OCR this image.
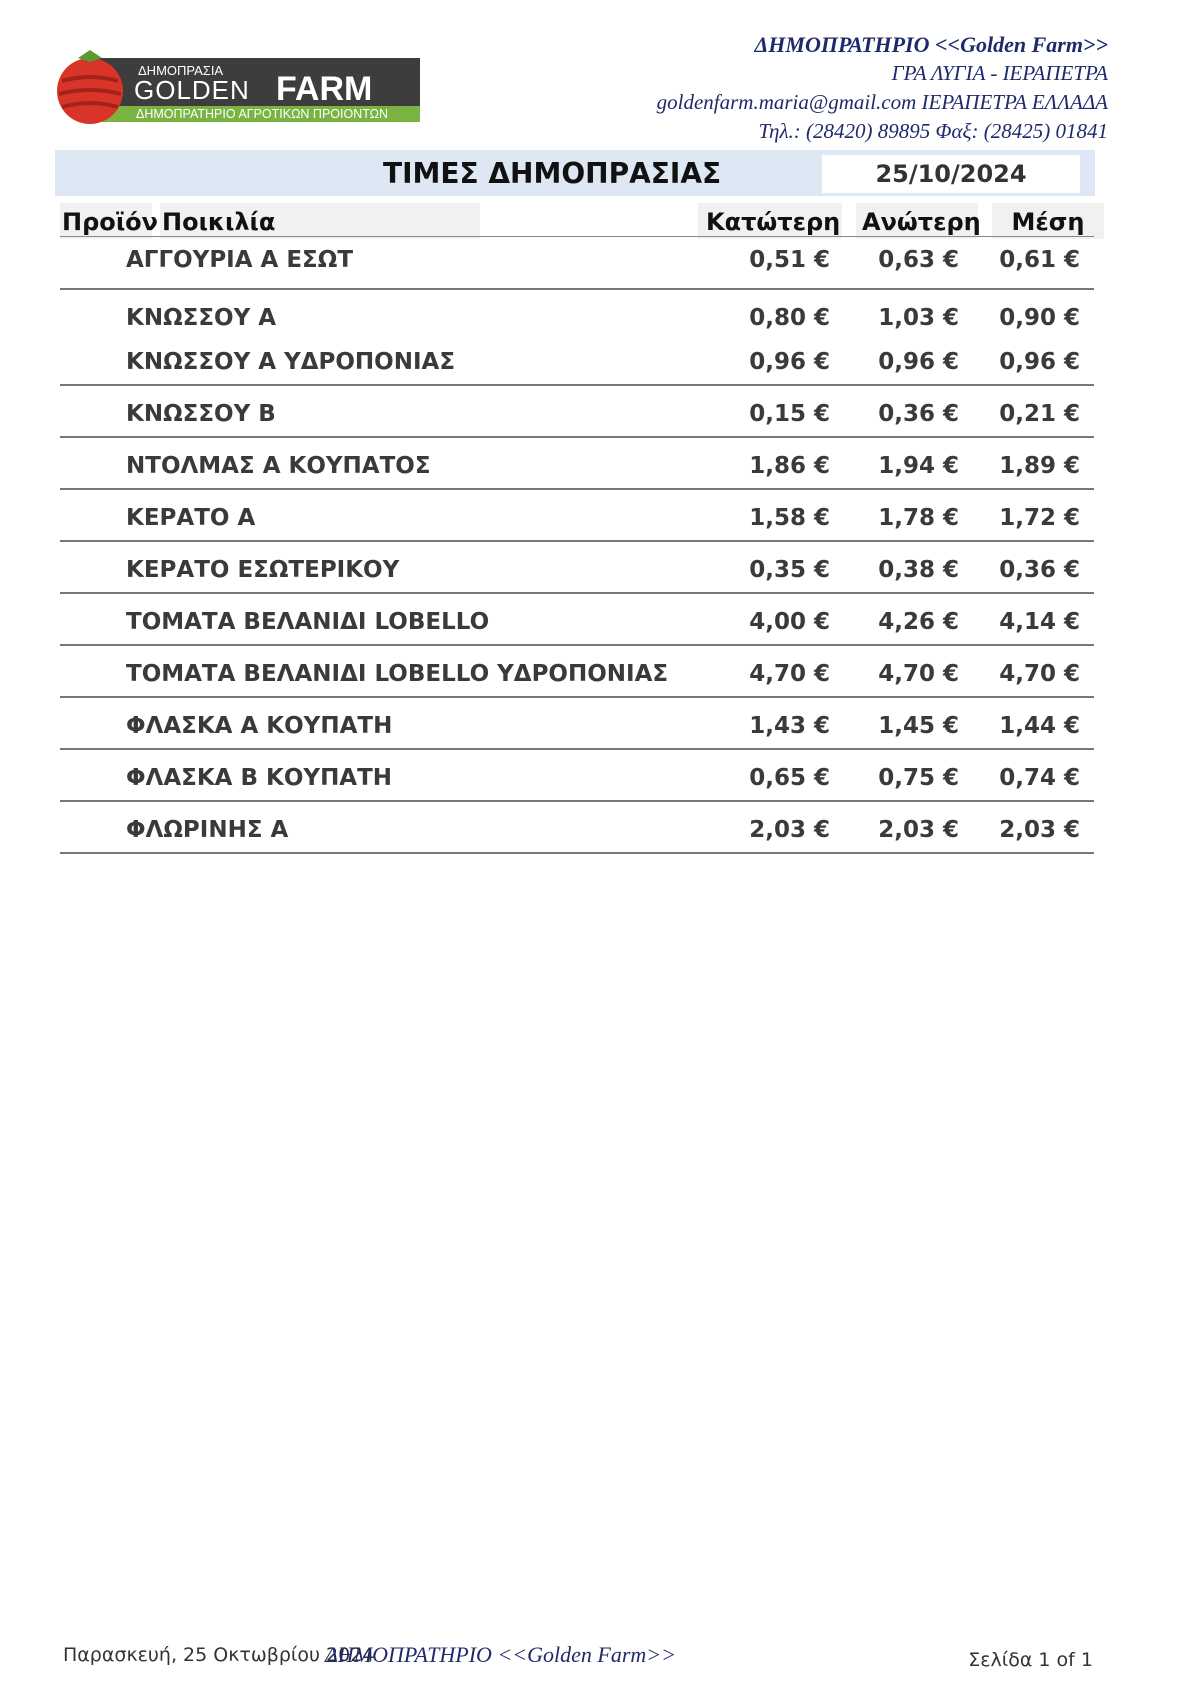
ΔΗΜΟΠΡΑΣΙΑ
GOLDEN FARM
ΔΗΜΟΠΡΑΤΗΡΙΟ ΑΓΡΟΤΙΚΩΝ ΠΡΟΙΟΝΤΩΝ
ΔΗΜΟΠΡΑΤΗΡΙΟ <<Golden Farm>>
ΓΡΑ ΛΥΓΙΑ - ΙΕΡΑΠΕΤΡΑ
goldenfarm.maria@gmail.com ΙΕΡΑΠΕΤΡΑ ΕΛΛΑΔΑ
Τηλ.: (28420) 89895 Φαξ: (28425) 01841
ΤΙΜΕΣ ΔΗΜΟΠΡΑΣΙΑΣ	25/10/2024
Προϊόν Ποικιλία	Κατώτερη Ανώτερη	Μέση
ΑΓΓΟΥΡΙΑ Α ΕΣΩΤ	0,51 € 0,63 € 0,61 €
ΚΝΩΣΣΟΥ Α	0,80 € 1,03 € 0,90 €
ΚΝΩΣΣΟΥ Α ΥΔΡΟΠΟΝΙΑΣ	0,96 € 0,96 € 0,96 €
ΚΝΩΣΣΟΥ Β	0,15 € 0,36 € 0,21 €
ΝΤΟΛΜΑΣ Α ΚΟΥΠΑΤΟΣ	1,86 € 1,94 € 1,89 €
ΚΕΡΑΤΟ Α	1,58 € 1,78 € 1,72 €
ΚΕΡΑΤΟ ΕΣΩΤΕΡΙΚΟΥ	0,35 € 0,38 € 0,36 €
ΤΟΜΑΤΑ ΒΕΛΑΝΙΔΙ LOBELLO	4,00 € 4,26 € 4,14 €
ΤΟΜΑΤΑ ΒΕΛΑΝΙΔΙ LOBELLO ΥΔΡΟΠΟΝΙΑΣ	4,70 € 4,70 € 4,70 €
ΦΛΑΣΚΑ Α ΚΟΥΠΑΤΗ	1,43 € 1,45 € 1,44 €
ΦΛΑΣΚΑ Β ΚΟΥΠΑΤΗ	0,65 € 0,75 € 0,74 €
ΦΛΩΡΙΝΗΣ Α	2,03 € 2,03 € 2,03 €
Παρασκευή, 25 Οκτωβρίου 2024
ΔΗΜΟΠΡΑΤΗΡΙΟ <<Golden Farm>>	Σελίδα 1 of 1
